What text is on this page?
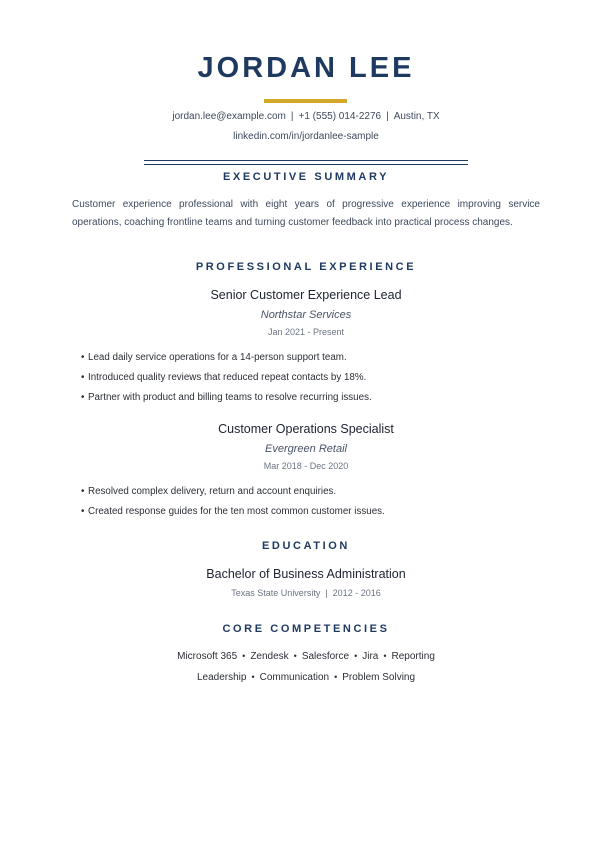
JORDAN LEE
jordan.lee@example.com | +1 (555) 014-2276 | Austin, TX
linkedin.com/in/jordanlee-sample
EXECUTIVE SUMMARY
Customer experience professional with eight years of progressive experience improving service operations, coaching frontline teams and turning customer feedback into practical process changes.
PROFESSIONAL EXPERIENCE
Senior Customer Experience Lead
Northstar Services
Jan 2021 - Present
• Lead daily service operations for a 14-person support team.
• Introduced quality reviews that reduced repeat contacts by 18%.
• Partner with product and billing teams to resolve recurring issues.
Customer Operations Specialist
Evergreen Retail
Mar 2018 - Dec 2020
• Resolved complex delivery, return and account enquiries.
• Created response guides for the ten most common customer issues.
EDUCATION
Bachelor of Business Administration
Texas State University | 2012 - 2016
CORE COMPETENCIES
Microsoft 365 • Zendesk • Salesforce • Jira • Reporting
Leadership • Communication • Problem Solving
